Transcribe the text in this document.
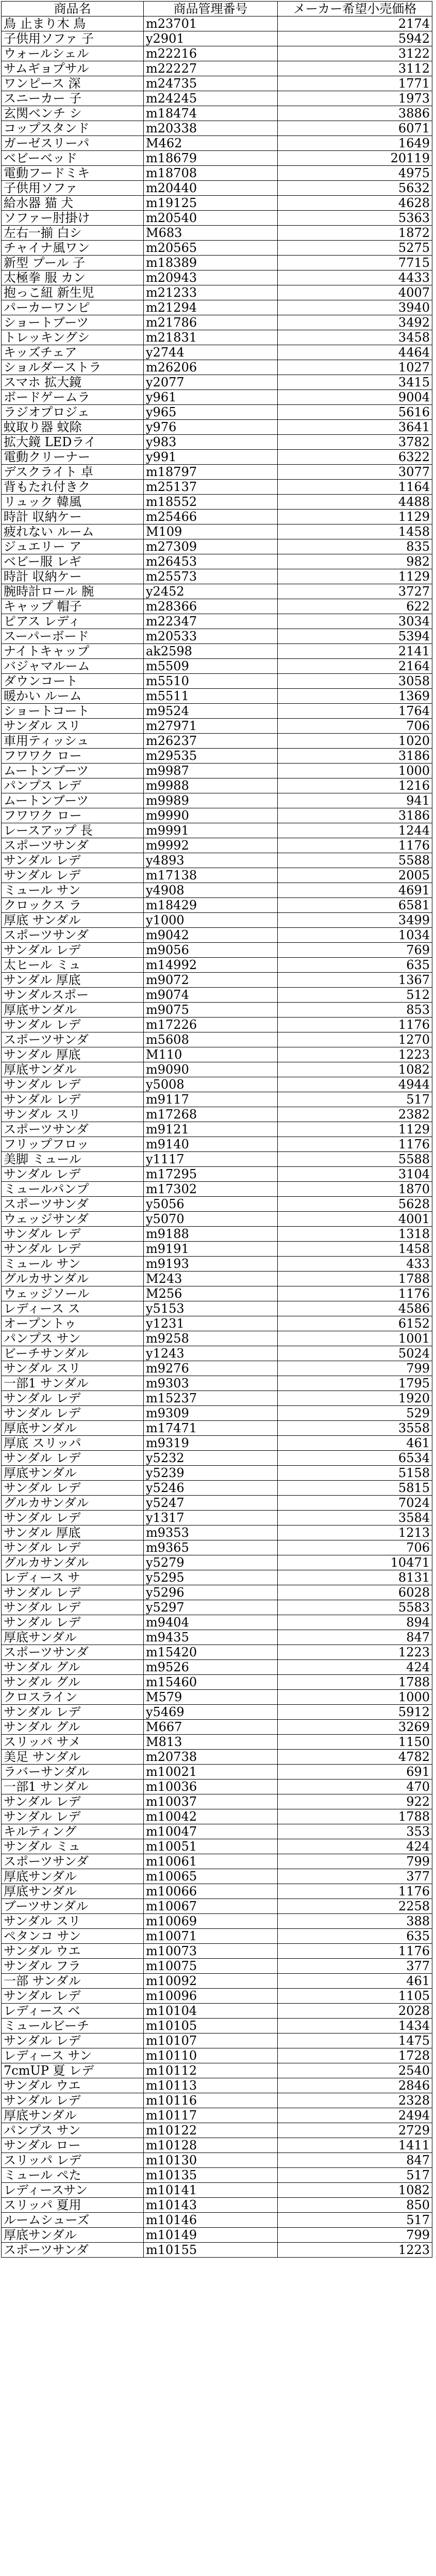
商品名	商品管理番号	メーカー希望小売価格
鳥 止まり木 鳥	m23701	2174
子供用ソファ 子	y2901	5942
ウォールシェル	m22216	3122
サムギョプサル	m22227	3112
ワンピース 深	m24735	1771
スニーカー 子	m24245	1973
玄関ベンチ シ	m18474	3886
コップスタンド	m20338	6071
ガーゼスリーパ	M462	1649
ベビーベッド	m18679	20119
電動フードミキ	m18708	4975
子供用ソファ	m20440	5632
給水器 猫 犬	m19125	4628
ソファー肘掛け	m20540	5363
左右一揃 白シ	M683	1872
チャイナ風ワン	m20565	5275
新型 プール 子	m18389	7715
太極拳 服 カン	m20943	4433
抱っこ紐 新生児	m21233	4007
パーカーワンピ	m21294	3940
ショートブーツ	m21786	3492
トレッキングシ	m21831	3458
キッズチェア	y2744	4464
ショルダーストラ	m26206	1027
スマホ 拡大鏡	y2077	3415
ボードゲームラ	y961	9004
ラジオプロジェ	y965	5616
蚊取り器 蚊除	y976	3641
拡大鏡 LEDライ	y983	3782
電動クリーナー	y991	6322
デスクライト 卓	m18797	3077
背もたれ付きク	m25137	1164
リュック 韓風	m18552	4488
時計 収納ケー	m25466	1129
疲れない ルーム	M109	1458
ジュエリー ア	m27309	835
ベビー服 レギ	m26453	982
時計 収納ケー	m25573	1129
腕時計ロール 腕	y2452	3727
キャップ 帽子	m28366	622
ピアス レディ	m22347	3034
スーパーボード	m20533	5394
ナイトキャップ	ak2598	2141
バジャマルーム	m5509	2164
ダウンコート	m5510	3058
暖かい ルーム	m5511	1369
ショートコート	m9524	1764
サンダル スリ	m27971	706
車用ティッシュ	m26237	1020
フワワク ロー	m29535	3186
ムートンブーツ	m9987	1000
パンプス レデ	m9988	1216
ムートンブーツ	m9989	941
フワワク ロー	m9990	3186
レースアップ 長	m9991	1244
スポーツサンダ	m9992	1176
サンダル レデ	y4893	5588
サンダル レデ	m17138	2005
ミュール サン	y4908	4691
クロックス ラ	m18429	6581
厚底 サンダル	y1000	3499
スポーツサンダ	m9042	1034
サンダル レデ	m9056	769
太ヒール ミュ	m14992	635
サンダル 厚底	m9072	1367
サンダルスポー	m9074	512
厚底サンダル	m9075	853
サンダル レデ	m17226	1176
スポーツサンダ	m5608	1270
サンダル 厚底	M110	1223
厚底サンダル	m9090	1082
サンダル レデ	y5008	4944
サンダル レデ	m9117	517
サンダル スリ	m17268	2382
スポーツサンダ	m9121	1129
フリップフロッ	m9140	1176
美脚 ミュール	y1117	5588
サンダル レデ	m17295	3104
ミュールパンプ	m17302	1870
スポーツサンダ	y5056	5628
ウェッジサンダ	y5070	4001
サンダル レデ	m9188	1318
サンダル レデ	m9191	1458
ミュール サン	m9193	433
グルカサンダル	M243	1788
ウェッジソール	M256	1176
レディース ス	y5153	4586
オープントゥ	y1231	6152
パンプス サン	m9258	1001
ビーチサンダル	y1243	5024
サンダル スリ	m9276	799
一部1 サンダル	m9303	1795
サンダル レデ	m15237	1920
サンダル レデ	m9309	529
厚底サンダル	m17471	3558
厚底 スリッパ	m9319	461
サンダル レデ	y5232	6534
厚底サンダル	y5239	5158
サンダル レデ	y5246	5815
グルカサンダル	y5247	7024
サンダル レデ	y1317	3584
サンダル 厚底	m9353	1213
サンダル レデ	m9365	706
グルカサンダル	y5279	10471
レディース サ	y5295	8131
サンダル レデ	y5296	6028
サンダル レデ	y5297	5583
サンダル レデ	m9404	894
厚底サンダル	m9435	847
スポーツサンダ	m15420	1223
サンダル グル	m9526	424
サンダル グル	m15460	1788
クロスライン	M579	1000
サンダル レデ	y5469	5912
サンダル グル	M667	3269
スリッパ サメ	M813	1150
美足 サンダル	m20738	4782
ラバーサンダル	m10021	691
一部1 サンダル	m10036	470
サンダル レデ	m10037	922
サンダル レデ	m10042	1788
キルティング	m10047	353
サンダル ミュ	m10051	424
スポーツサンダ	m10061	799
厚底サンダル	m10065	377
厚底サンダル	m10066	1176
ブーツサンダル	m10067	2258
サンダル スリ	m10069	388
ペタンコ サン	m10071	635
サンダル ウエ	m10073	1176
サンダル フラ	m10075	377
一部 サンダル	m10092	461
サンダル レデ	m10096	1105
レディース ベ	m10104	2028
ミュールビーチ	m10105	1434
サンダル レデ	m10107	1475
レディース サン	m10110	1728
7cmUP 夏 レデ	m10112	2540
サンダル ウエ	m10113	2846
サンダル レデ	m10116	2328
厚底サンダル	m10117	2494
パンプス サン	m10122	2729
サンダル ロー	m10128	1411
スリッパ レデ	m10130	847
ミュール ペた	m10135	517
レディースサン	m10141	1082
スリッパ 夏用	m10143	850
ルームシューズ	m10146	517
厚底サンダル	m10149	799
スポーツサンダ	m10155	1223
